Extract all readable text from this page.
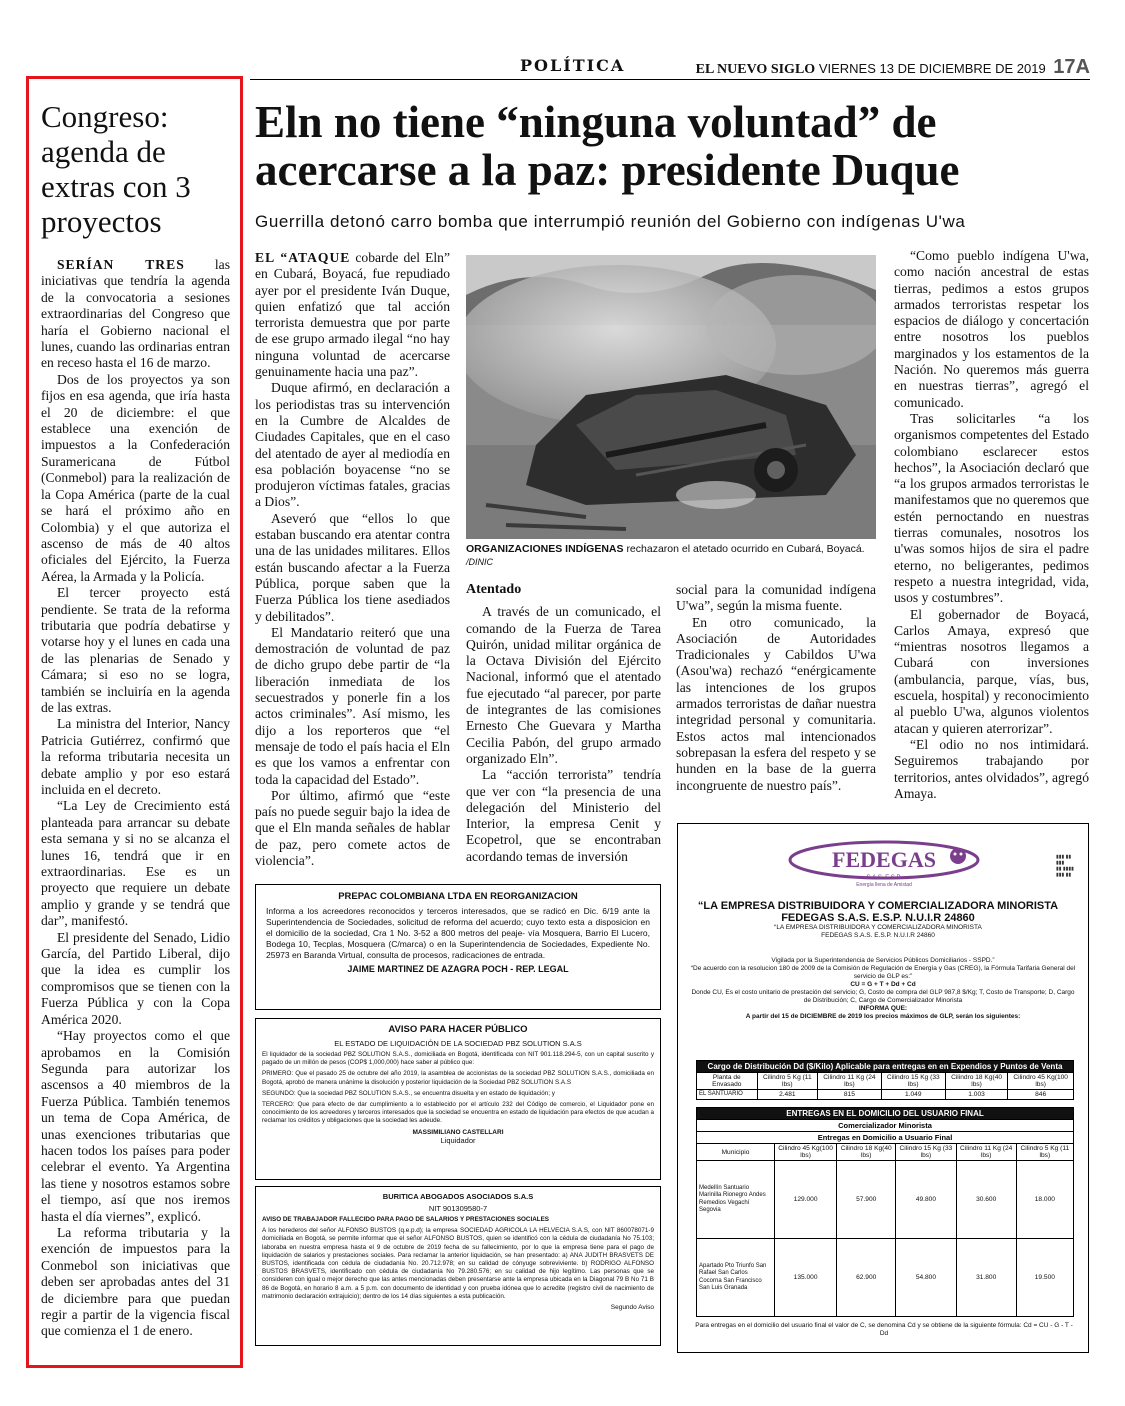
POLÍTICA	EL NUEVO SIGLO VIERNES 13 DE DICIEMBRE DE 2019 17A
Congreso: agenda de extras con 3 proyectos

SERÍAN TRES las iniciativas que tendría la agenda de la convocatoria a sesiones extraordinarias del Congreso que haría el Gobierno nacional el lunes, cuando las ordinarias entran en receso hasta el 16 de marzo.

Dos de los proyectos ya son fijos en esa agenda, que iría hasta el 20 de diciembre: el que establece una exención de impuestos a la Confederación Suramericana de Fútbol (Conmebol) para la realización de la Copa América (parte de la cual se hará el próximo año en Colombia) y el que autoriza el ascenso de más de 40 altos oficiales del Ejército, la Fuerza Aérea, la Armada y la Policía.

El tercer proyecto está pendiente. Se trata de la reforma tributaria que podría debatirse y votarse hoy y el lunes en cada una de las plenarias de Senado y Cámara; si eso no se logra, también se incluiría en la agenda de las extras.

La ministra del Interior, Nancy Patricia Gutiérrez, confirmó que la reforma tributaria necesita un debate amplio y por eso estará incluida en el decreto.

“La Ley de Crecimiento está planteada para arrancar su debate esta semana y si no se alcanza el lunes 16, tendrá que ir en extraordinarias. Ese es un proyecto que requiere un debate amplio y grande y se tendrá que dar”, manifestó.

El presidente del Senado, Lidio García, del Partido Liberal, dijo que la idea es cumplir los compromisos que se tienen con la Fuerza Pública y con la Copa América 2020.

“Hay proyectos como el que aprobamos en la Comisión Segunda para autorizar los ascensos a 40 miembros de la Fuerza Pública. También tenemos un tema de Copa América, de unas exenciones tributarias que hacen todos los países para poder celebrar el evento. Ya Argentina las tiene y nosotros estamos sobre el tiempo, así que nos iremos hasta el día viernes”, explicó.

La reforma tributaria y la exención de impuestos para la Conmebol son iniciativas que deben ser aprobadas antes del 31 de diciembre para que puedan regir a partir de la vigencia fiscal que comienza el 1 de enero.

Eln no tiene “ninguna voluntad” de acercarse a la paz: presidente Duque
Guerrilla detonó carro bomba que interrumpió reunión del Gobierno con indígenas U'wa

EL “ATAQUE cobarde del Eln” en Cubará, Boyacá, fue repudiado ayer por el presidente Iván Duque, quien enfatizó que tal acción terrorista demuestra que por parte de ese grupo armado ilegal “no hay ninguna voluntad de acercarse genuinamente hacia una paz”.

Duque afirmó, en declaración a los periodistas tras su intervención en la Cumbre de Alcaldes de Ciudades Capitales, que en el caso del atentado de ayer al mediodía en esa población boyacense “no se produjeron víctimas fatales, gracias a Dios”.

Aseveró que “ellos lo que estaban buscando era atentar contra una de las unidades militares. Ellos están buscando afectar a la Fuerza Pública, porque saben que la Fuerza Pública los tiene asediados y debilitados”.

El Mandatario reiteró que una demostración de voluntad de paz de dicho grupo debe partir de “la liberación inmediata de los secuestrados y ponerle fin a los actos criminales”. Así mismo, les dijo a los reporteros que “el mensaje de todo el país hacia el Eln es que los vamos a enfrentar con toda la capacidad del Estado”.

Por último, afirmó que “este país no puede seguir bajo la idea de que el Eln manda señales de hablar de paz, pero comete actos de violencia”.

ORGANIZACIONES INDÍGENAS rechazaron el atetado ocurrido en Cubará, Boyacá. /DINIC
Atentado

A través de un comunicado, el comando de la Fuerza de Tarea Quirón, unidad militar orgánica de la Octava División del Ejército Nacional, informó que el atentado fue ejecutado “al parecer, por parte de integrantes de las comisiones Ernesto Che Guevara y Martha Cecilia Pabón, del grupo armado organizado Eln”.

La “acción terrorista” tendría que ver con “la presencia de una delegación del Ministerio del Interior, la empresa Cenit y Ecopetrol, que se encontraban acordando temas de inversión

social para la comunidad indígena U'wa”, según la misma fuente.

En otro comunicado, la Asociación de Autoridades Tradicionales y Cabildos U'wa (Asou'wa) rechazó “enérgicamente las intenciones de los grupos armados terroristas de dañar nuestra integridad personal y comunitaria. Estos actos mal intencionados sobrepasan la esfera del respeto y se hunden en la base de la guerra incongruente de nuestro país”.

“Como pueblo indígena U'wa, como nación ancestral de estas tierras, pedimos a estos grupos armados terroristas respetar los espacios de diálogo y concertación entre nosotros los pueblos marginados y los estamentos de la Nación. No queremos más guerra en nuestras tierras”, agregó el comunicado.

Tras solicitarles “a los organismos competentes del Estado colombiano esclarecer estos hechos”, la Asociación declaró que “a los grupos armados terroristas le manifestamos que no queremos que estén pernoctando en nuestras tierras comunales, nosotros los u'was somos hijos de sira el padre eterno, no beligerantes, pedimos respeto a nuestra integridad, vida, usos y costumbres”.

El gobernador de Boyacá, Carlos Amaya, expresó que “mientras nosotros llegamos a Cubará con inversiones (ambulancia, parque, vías, bus, escuela, hospital) y reconocimiento al pueblo U'wa, algunos violentos atacan y quieren aterrorizar”.

“El odio no nos intimidará. Seguiremos trabajando por territorios, antes olvidados”, agregó Amaya.

PREPAC COLOMBIANA LTDA EN REORGANIZACION
Informa a los acreedores reconocidos y terceros interesados, que se radicó en Dic. 6/19 ante la Superintendencia de Sociedades, solicitud de reforma del acuerdo; cuyo texto esta a disposicion en el domicilio de la sociedad, Cra 1 No. 3-52 a 800 metros del peaje- vía Mosquera, Barrio El Lucero, Bodega 10, Tecplas, Mosquera (C/marca) o en la Superintendencia de Sociedades, Expediente No. 25973 en Baranda Virtual, consulta de procesos, radicaciones de entrada.
JAIME MARTINEZ DE AZAGRA POCH - REP. LEGAL
AVISO PARA HACER PÚBLICO
EL ESTADO DE LIQUIDACIÓN DE LA SOCIEDAD PBZ SOLUTION S.A.S
El liquidador de la sociedad PBZ SOLUTION S.A.S., domiciliada en Bogotá, identificada con NIT 901.118.294-5, con un capital suscrito y pagado de un millón de pesos (COP$ 1,000,000) hace saber al público que:
PRIMERO: Que el pasado 25 de octubre del año 2019, la asamblea de accionistas de la sociedad PBZ SOLUTION S.A.S., domiciliada en Bogotá, aprobó de manera unánime la disolución y posterior liquidación de la Sociedad PBZ SOLUTION S.A.S
SEGUNDO: Que la sociedad PBZ SOLUTION S.A.S., se encuentra disuelta y en estado de liquidación; y
TERCERO: Que para efecto de dar cumplimiento a lo establecido por el artículo 232 del Código de comercio, el Liquidador pone en conocimiento de los acreedores y terceros interesados que la sociedad se encuentra en estado de liquidación para efectos de que acudan a reclamar los créditos y obligaciones que la sociedad les adeude.
MASSIMILIANO CASTELLARI
Liquidador
BURITICA ABOGADOS ASOCIADOS S.A.S
NIT 901309580-7
AVISO DE TRABAJADOR FALLECIDO PARA PAGO DE SALARIOS Y PRESTACIONES SOCIALES
A los herederos del señor ALFONSO BUSTOS (q.e.p.d); la empresa SOCIEDAD AGRICOLA LA HELVECIA S.A.S, con NIT 860078071-9 domiciliada en Bogotá, se permite informar que el señor ALFONSO BUSTOS, quien se identificó con la cédula de ciudadanía No 75.103; laboraba en nuestra empresa hasta el 9 de octubre de 2019 fecha de su fallecimiento, por lo que la empresa tiene para el pago de liquidación de salarios y prestaciones sociales. Para reclamar la anterior liquidación, se han presentado: a) ANA JUDITH BRASVETS DE BUSTOS, identificada con cédula de ciudadanía No. 20.712.978; en su calidad de cónyuge sobreviviente. b) RODRIGO ALFONSO BUSTOS BRASVETS, identificado con cédula de ciudadanía No 79.280.576; en su calidad de hijo legítimo. Las personas que se consideren con igual o mejor derecho que las antes mencionadas deben presentarse ante la empresa ubicada en la Diagonal 79 B No 71 B 86 de Bogotá, en horario 8 a.m. a 5 p.m. con documento de identidad y con prueba idónea que lo acredite (registro civil de nacimiento de matrimonio declaración extrajuicio); dentro de los 14 días siguientes a esta publicación.
Segundo Aviso
FEDEGAS
S.A.S. E.S.P.
Energía llena de Amistad
▮▮▮ ▮▮ ▮▮▮
▮▮ ▮▮▮▮
▮▮▮ ▮▮
“LA EMPRESA DISTRIBUIDORA Y COMERCIALIZADORA MINORISTA
FEDEGAS S.A.S. E.S.P. N.U.I.R 24860
“LA EMPRESA DISTRIBUIDORA Y COMERCIALIZADORA MINORISTA
FEDEGAS S.A.S. E.S.P. N.U.I.R 24860
Vigilada por la Superintendencia de Servicios Públicos Domiciliarios - SSPD.”
“De acuerdo con la resolucion 180 de 2009 de la Comisión de Regulación de Energía y Gas (CREG), la Fórmula Tarifaria General del servicio de GLP es:”
CU = G + T + Dd + Cd
Donde CU, Es el costo unitario de prestación del servicio; G, Costo de compra del GLP 987,8 $/Kg; T, Costo de Transporte; D, Cargo de Distribución; C, Cargo de Comercializador Minorista
INFORMA QUE:
A partir del 15 de DICIEMBRE de 2019 los precios máximos de GLP, serán los siguientes:
Cargo de Distribución Dd ($/Kilo) Aplicable para entregas en en Expendios y Puntos de Venta					
Planta de Envasado	Cilindro 5 Kg (11 lbs)	Cilindro 11 Kg (24 lbs)	Cilindro 15 Kg (33 lbs)	Cilindro 18 Kg(40 lbs)	Cilindro 45 Kg(100 lbs)
EL SANTUARIO	2.481	815	1.049	1.003	846
ENTREGAS EN EL DOMICILIO DEL USUARIO FINAL					
Comercializador Minorista					
Entregas en Domicilio a Usuario Final					
Municipio	Cilindro 45 Kg(100 lbs)	Cilindro 18 Kg(40 lbs)	Cilindro 15 Kg (33 lbs)	Cilindro 11 Kg (24 lbs)	Cilindro 5 Kg (11 lbs)
Medellín Santuario Marinilla Rionegro Andes Remedios Vegachí Segovia	129.000	57.900	49.800	30.600	18.000
Apartado Pto Triunfo San Rafael San Carlos Cocorna San Francisco San Luis Granada	135.000	62.900	54.800	31.800	19.500
Para entregas en el domicilio del usuario final el valor de C, se denomina Cd y se obtiene de la siguiente fórmula: Cd = CU - G - T - Dd
